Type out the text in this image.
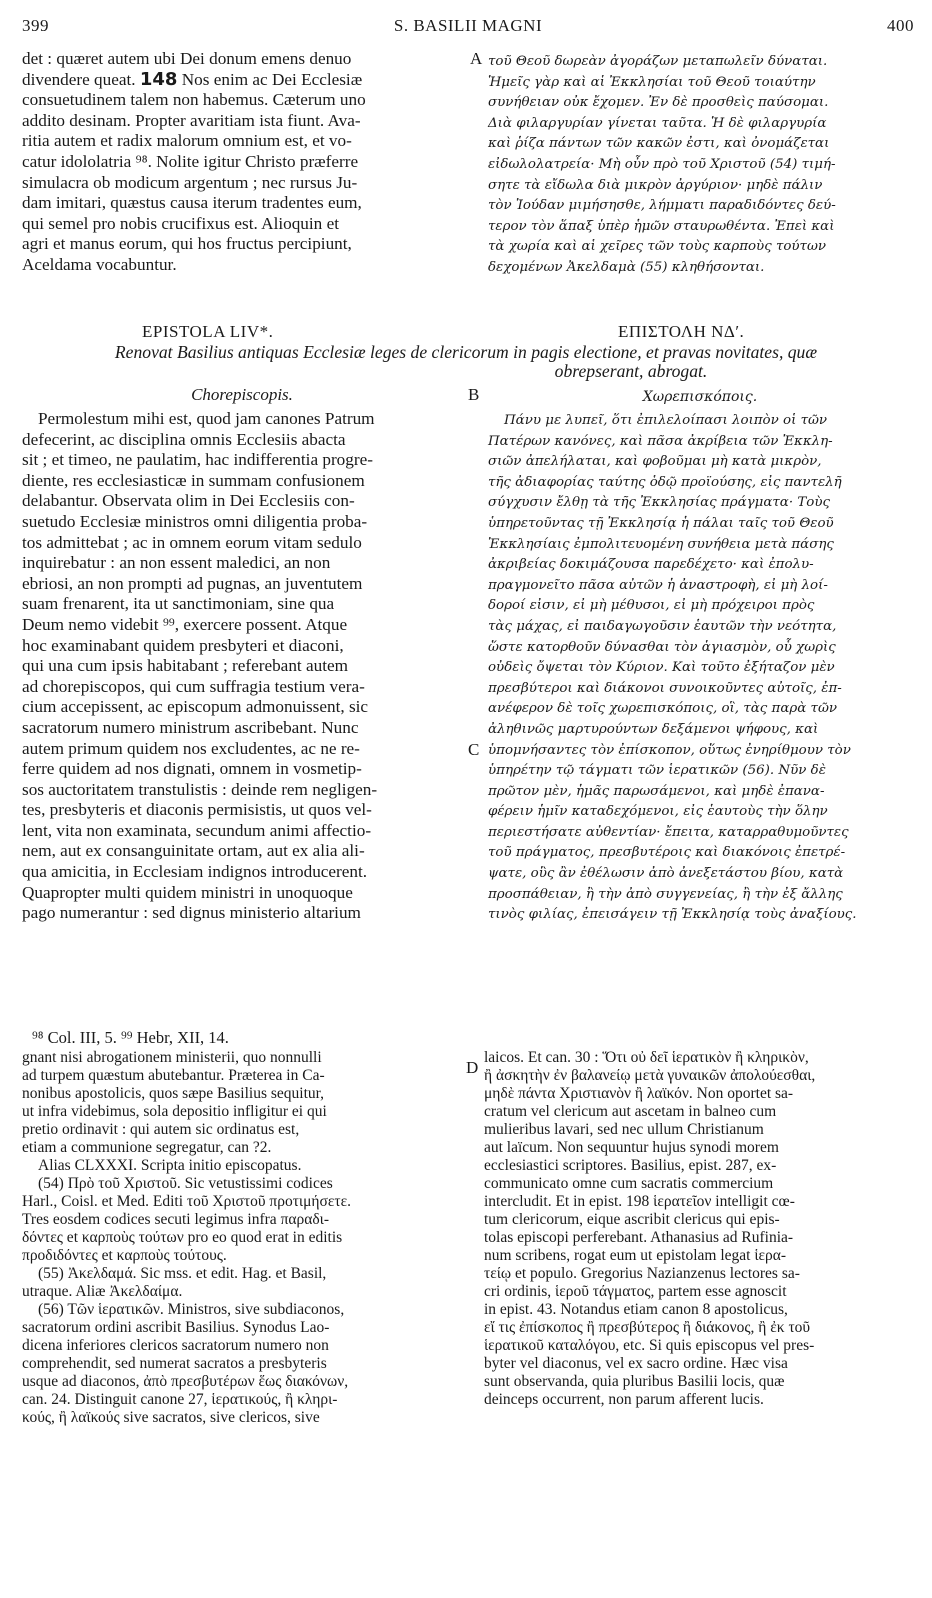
399	S. BASILII MAGNI	400

det : quæret autem ubi Dei donum emens denuo

divendere queat. 148 Nos enim ac Dei Ecclesiæ

consuetudinem talem non habemus. Cæterum uno

addito desinam. Propter avaritiam ista fiunt. Ava-

ritia autem et radix malorum omnium est, et vo-

catur idololatria ⁹⁸. Nolite igitur Christo præferre

simulacra ob modicum argentum ; nec rursus Ju-

dam imitari, quæstus causa iterum tradentes eum,

qui semel pro nobis crucifixus est. Alioquin et

agri et manus eorum, qui hos fructus percipiunt,

Aceldama vocabuntur.

A τοῦ Θεοῦ δωρεὰν ἀγοράζων μεταπωλεῖν δύναται.

Ἡμεῖς γὰρ καὶ αἱ Ἐκκλησίαι τοῦ Θεοῦ τοιαύτην

συνήθειαν οὐκ ἔχομεν. Ἐν δὲ προσθεὶς παύσομαι.

Διὰ φιλαργυρίαν γίνεται ταῦτα. Ἡ δὲ φιλαργυρία

καὶ ῥίζα πάντων τῶν κακῶν ἐστι, καὶ ὀνομάζεται

εἰδωλολατρεία· Μὴ οὖν πρὸ τοῦ Χριστοῦ (54) τιμή-

σητε τὰ εἴδωλα διὰ μικρὸν ἀργύριον· μηδὲ πάλιν

τὸν Ἰούδαν μιμήσησθε, λήμματι παραδιδόντες δεύ-

τερον τὸν ἅπαξ ὑπὲρ ἡμῶν σταυρωθέντα. Ἐπεὶ καὶ

τὰ χωρία καὶ αἱ χεῖρες τῶν τοὺς καρποὺς τούτων

δεχομένων Ἀκελδαμὰ (55) κληθήσονται.

EPISTOLA LIV*.	ΕΠΙΣΤΟΛΗ ΝΔʹ.
Renovat Basilius antiquas Ecclesiæ leges de clericorum in pagis electione, et pravas novitates, quæ
obrepserant, abrogat.
Chorepiscopis.	B	Χωρεπισκόποις.

Permolestum mihi est, quod jam canones Patrum

defecerint, ac disciplina omnis Ecclesiis abacta

sit ; et timeo, ne paulatim, hac indifferentia progre-

diente, res ecclesiasticæ in summam confusionem

delabantur. Observata olim in Dei Ecclesiis con-

suetudo Ecclesiæ ministros omni diligentia proba-

tos admittebat ; ac in omnem eorum vitam sedulo

inquirebatur : an non essent maledici, an non

ebriosi, an non prompti ad pugnas, an juventutem

suam frenarent, ita ut sanctimoniam, sine qua

Deum nemo videbit ⁹⁹, exercere possent. Atque

hoc examinabant quidem presbyteri et diaconi,

qui una cum ipsis habitabant ; referebant autem

ad chorepiscopos, qui cum suffragia testium vera-

cium accepissent, ac episcopum admonuissent, sic

sacratorum numero ministrum ascribebant. Nunc

autem primum quidem nos excludentes, ac ne re-

ferre quidem ad nos dignati, omnem in vosmetip-

sos auctoritatem transtulistis : deinde rem negligen-

tes, presbyteris et diaconis permisistis, ut quos vel-

lent, vita non examinata, secundum animi affectio-

nem, aut ex consanguinitate ortam, aut ex alia ali-

qua amicitia, in Ecclesiam indignos introducerent.

Quapropter multi quidem ministri in unoquoque

pago numerantur : sed dignus ministerio altarium

C

Πάνυ με λυπεῖ, ὅτι ἐπιλελοίπασι λοιπὸν οἱ τῶν

Πατέρων κανόνες, καὶ πᾶσα ἀκρίβεια τῶν Ἐκκλη-

σιῶν ἀπελήλαται, καὶ φοβοῦμαι μὴ κατὰ μικρὸν,

τῆς ἀδιαφορίας ταύτης ὁδῷ προϊούσης, εἰς παντελῆ

σύγχυσιν ἔλθῃ τὰ τῆς Ἐκκλησίας πράγματα· Τοὺς

ὑπηρετοῦντας τῇ Ἐκκλησίᾳ ἡ πάλαι ταῖς τοῦ Θεοῦ

Ἐκκλησίαις ἐμπολιτευομένη συνήθεια μετὰ πάσης

ἀκριβείας δοκιμάζουσα παρεδέχετο· καὶ ἐπολυ-

πραγμονεῖτο πᾶσα αὐτῶν ἡ ἀναστροφὴ, εἰ μὴ λοί-

δοροί εἰσιν, εἰ μὴ μέθυσοι, εἰ μὴ πρόχειροι πρὸς

τὰς μάχας, εἰ παιδαγωγοῦσιν ἑαυτῶν τὴν νεότητα,

ὥστε κατορθοῦν δύνασθαι τὸν ἁγιασμὸν, οὗ χωρὶς

οὐδεὶς ὄψεται τὸν Κύριον. Καὶ τοῦτο ἐξήταζον μὲν

πρεσβύτεροι καὶ διάκονοι συνοικοῦντες αὐτοῖς, ἐπ-

ανέφερον δὲ τοῖς χωρεπισκόποις, οἳ, τὰς παρὰ τῶν

ἀληθινῶς μαρτυρούντων δεξάμενοι ψήφους, καὶ

ὑπομνήσαντες τὸν ἐπίσκοπον, οὕτως ἐνηρίθμουν τὸν

ὑπηρέτην τῷ τάγματι τῶν ἱερατικῶν (56). Νῦν δὲ

πρῶτον μὲν, ἡμᾶς παρωσάμενοι, καὶ μηδὲ ἐπανα-

φέρειν ἡμῖν καταδεχόμενοι, εἰς ἑαυτοὺς τὴν ὅλην

περιεστήσατε αὐθεντίαν· ἔπειτα, καταρραθυμοῦντες

τοῦ πράγματος, πρεσβυτέροις καὶ διακόνοις ἐπετρέ-

ψατε, οὓς ἂν ἐθέλωσιν ἀπὸ ἀνεξετάστου βίου, κατὰ

προσπάθειαν, ἢ τὴν ἀπὸ συγγενείας, ἢ τὴν ἐξ ἄλλης

τινὸς φιλίας, ἐπεισάγειν τῇ Ἐκκλησίᾳ τοὺς ἀναξίους.

⁹⁸ Col. III, 5. ⁹⁹ Hebr, XII, 14.

gnant nisi abrogationem ministerii, quo nonnulli

ad turpem quæstum abutebantur. Præterea in Ca-

nonibus apostolicis, quos sæpe Basilius sequitur,

ut infra videbimus, sola depositio infligitur ei qui

pretio ordinavit : qui autem sic ordinatus est,

etiam a communione segregatur, can ?2.

Alias CLXXXI. Scripta initio episcopatus.

(54) Πρὸ τοῦ Χριστοῦ. Sic vetustissimi codices

Harl., Coisl. et Med. Editi τοῦ Χριστοῦ προτιμήσετε.

Tres eosdem codices secuti legimus infra παραδι-

δόντες et καρποὺς τούτων pro eo quod erat in editis

προδιδόντες et καρποὺς τούτους.

(55) Ἀκελδαμά. Sic mss. et edit. Hag. et Basil,

utraque. Aliæ Ἀκελδαίμα.

(56) Τῶν ἱερατικῶν. Ministros, sive subdiaconos,

sacratorum ordini ascribit Basilius. Synodus Lao-

dicena inferiores clericos sacratorum numero non

comprehendit, sed numerat sacratos a presbyteris

usque ad diaconos, ἀπὸ πρεσβυτέρων ἕως διακόνων,

can. 24. Distinguit canone 27, ἱερατικούς, ἢ κληρι-

κούς, ἢ λαϊκούς sive sacratos, sive clericos, sive

D

laicos. Et can. 30 : Ὅτι οὐ δεῖ ἱερατικὸν ἢ κληρικὸν,

ἢ ἀσκητὴν ἐν βαλανείῳ μετὰ γυναικῶν ἀπολούεσθαι,

μηδὲ πάντα Χριστιανὸν ἢ λαϊκόν. Non oportet sa-

cratum vel clericum aut ascetam in balneo cum

mulieribus lavari, sed nec ullum Christianum

aut laïcum. Non sequuntur hujus synodi morem

ecclesiastici scriptores. Basilius, epist. 287, ex-

communicato omne cum sacratis commercium

intercludit. Et in epist. 198 ἱερατεῖον intelligit cœ-

tum clericorum, eique ascribit clericus qui epis-

tolas episcopi perferebant. Athanasius ad Rufinia-

num scribens, rogat eum ut epistolam legat ἱερα-

τείῳ et populo. Gregorius Nazianzenus lectores sa-

cri ordinis, ἱεροῦ τάγματος, partem esse agnoscit

in epist. 43. Notandus etiam canon 8 apostolicus,

εἴ τις ἐπίσκοπος ἢ πρεσβύτερος ἢ διάκονος, ἢ ἐκ τοῦ

ἱερατικοῦ καταλόγου, etc. Si quis episcopus vel pres-

byter vel diaconus, vel ex sacro ordine. Hæc visa

sunt observanda, quia pluribus Basilii locis, quæ

deinceps occurrent, non parum afferent lucis.
